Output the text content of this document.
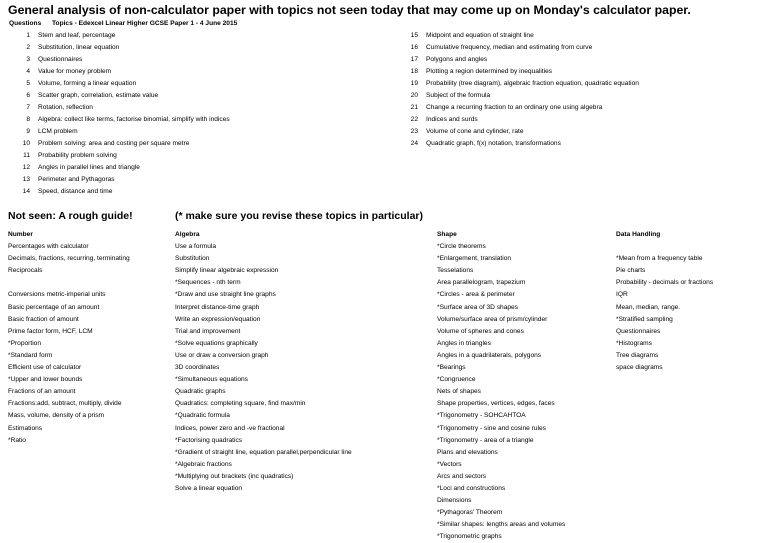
General analysis of non-calculator paper with topics not seen today that may come up on Monday's calculator paper.
Questions Topics - Edexcel Linear Higher GCSE Paper 1 - 4 June 2015
1 Stem and leaf, percentage
2 Substitution, linear equation
3 Questionnaires
4 Value for money problem
5 Volume, forming a linear equation
6 Scatter graph, correlation, estimate value
7 Rotation, reflection
8 Algebra: collect like terms, factorise binomial, simplify with indices
9 LCM problem
10 Problem solving: area and costing per square metre
11 Probability problem solving
12 Angles in parallel lines and triangle
13 Perimeter and Pythagoras
14 Speed, distance and time
15 Midpoint and equation of straight line
16 Cumulative frequency, median and estimating from curve
17 Polygons and angles
18 Plotting a region determined by inequalities
19 Probability (tree diagram), algebraic fraction equation, quadratic equation
20 Subject of the formula
21 Change a recurring fraction to an ordinary one using algebra
22 Indices and surds
23 Volume of cone and cylinder, rate
24 Quadratic graph, f(x) notation, transformations
Not seen: A rough guide!	(* make sure you revise these topics in particular)
Number
Percentages with calculator
Decimals, fractions, recurring, terminating
Reciprocals
Conversions metric-imperial units
Basic percentage of an amount
Basic fraction of amount
Prime factor form, HCF, LCM
*Proportion
*Standard form
Efficient use of calculator
*Upper and lower bounds
Fractions of an amount
Fractions:add, subtract, multiply, divide
Mass, volume, density of a prism
Estimations
*Ratio
Algebra
Use a formula
Substitution
Simplify linear algebraic expression
*Sequences - nth term
*Draw and use straight line graphs
Interpret distance-time graph
Write an expression/equation
Trial and improvement
*Solve equations graphically
Use or draw a conversion graph
3D coordinates
*Simultaneous equations
Quadratic graphs
Quadratics: completing square, find max/min
*Quadratic formula
Indices, power zero and -ve fractional
*Factorising quadratics
*Gradient of straight line, equation parallel,perpendicular line
*Algebraic fractions
*Multiplying out brackets (inc quadratics)
Solve a linear equation
Shape
*Circle theorems
*Enlargement, translation
Tesselations
Area parallelogram, trapezium
*Circles - area & perimeter
*Surface area of 3D shapes
Volume/surface area of prism/cylinder
Volume of spheres and cones
Angles in triangles
Angles in a quadrilaterals, polygons
*Bearings
*Congruence
Nets of shapes
Shape properties, vertices, edges, faces
*Trigonometry - SOHCAHTOA
*Trigonometry - sine and cosine rules
*Trigonometry - area of a triangle
Plans and elevations
*Vectors
Arcs and sectors
*Loci and constructions
Dimensions
*Pythagoras' Theorem
*Similar shapes: lengths areas and volumes
*Trigonometric graphs
Data Handling
*Mean from a frequency table
Pie charts
Probability - decimals or fractions
IQR
Mean, median, range.
*Stratified sampling
Questionnaires
*Histograms
Tree diagrams
space diagrams
